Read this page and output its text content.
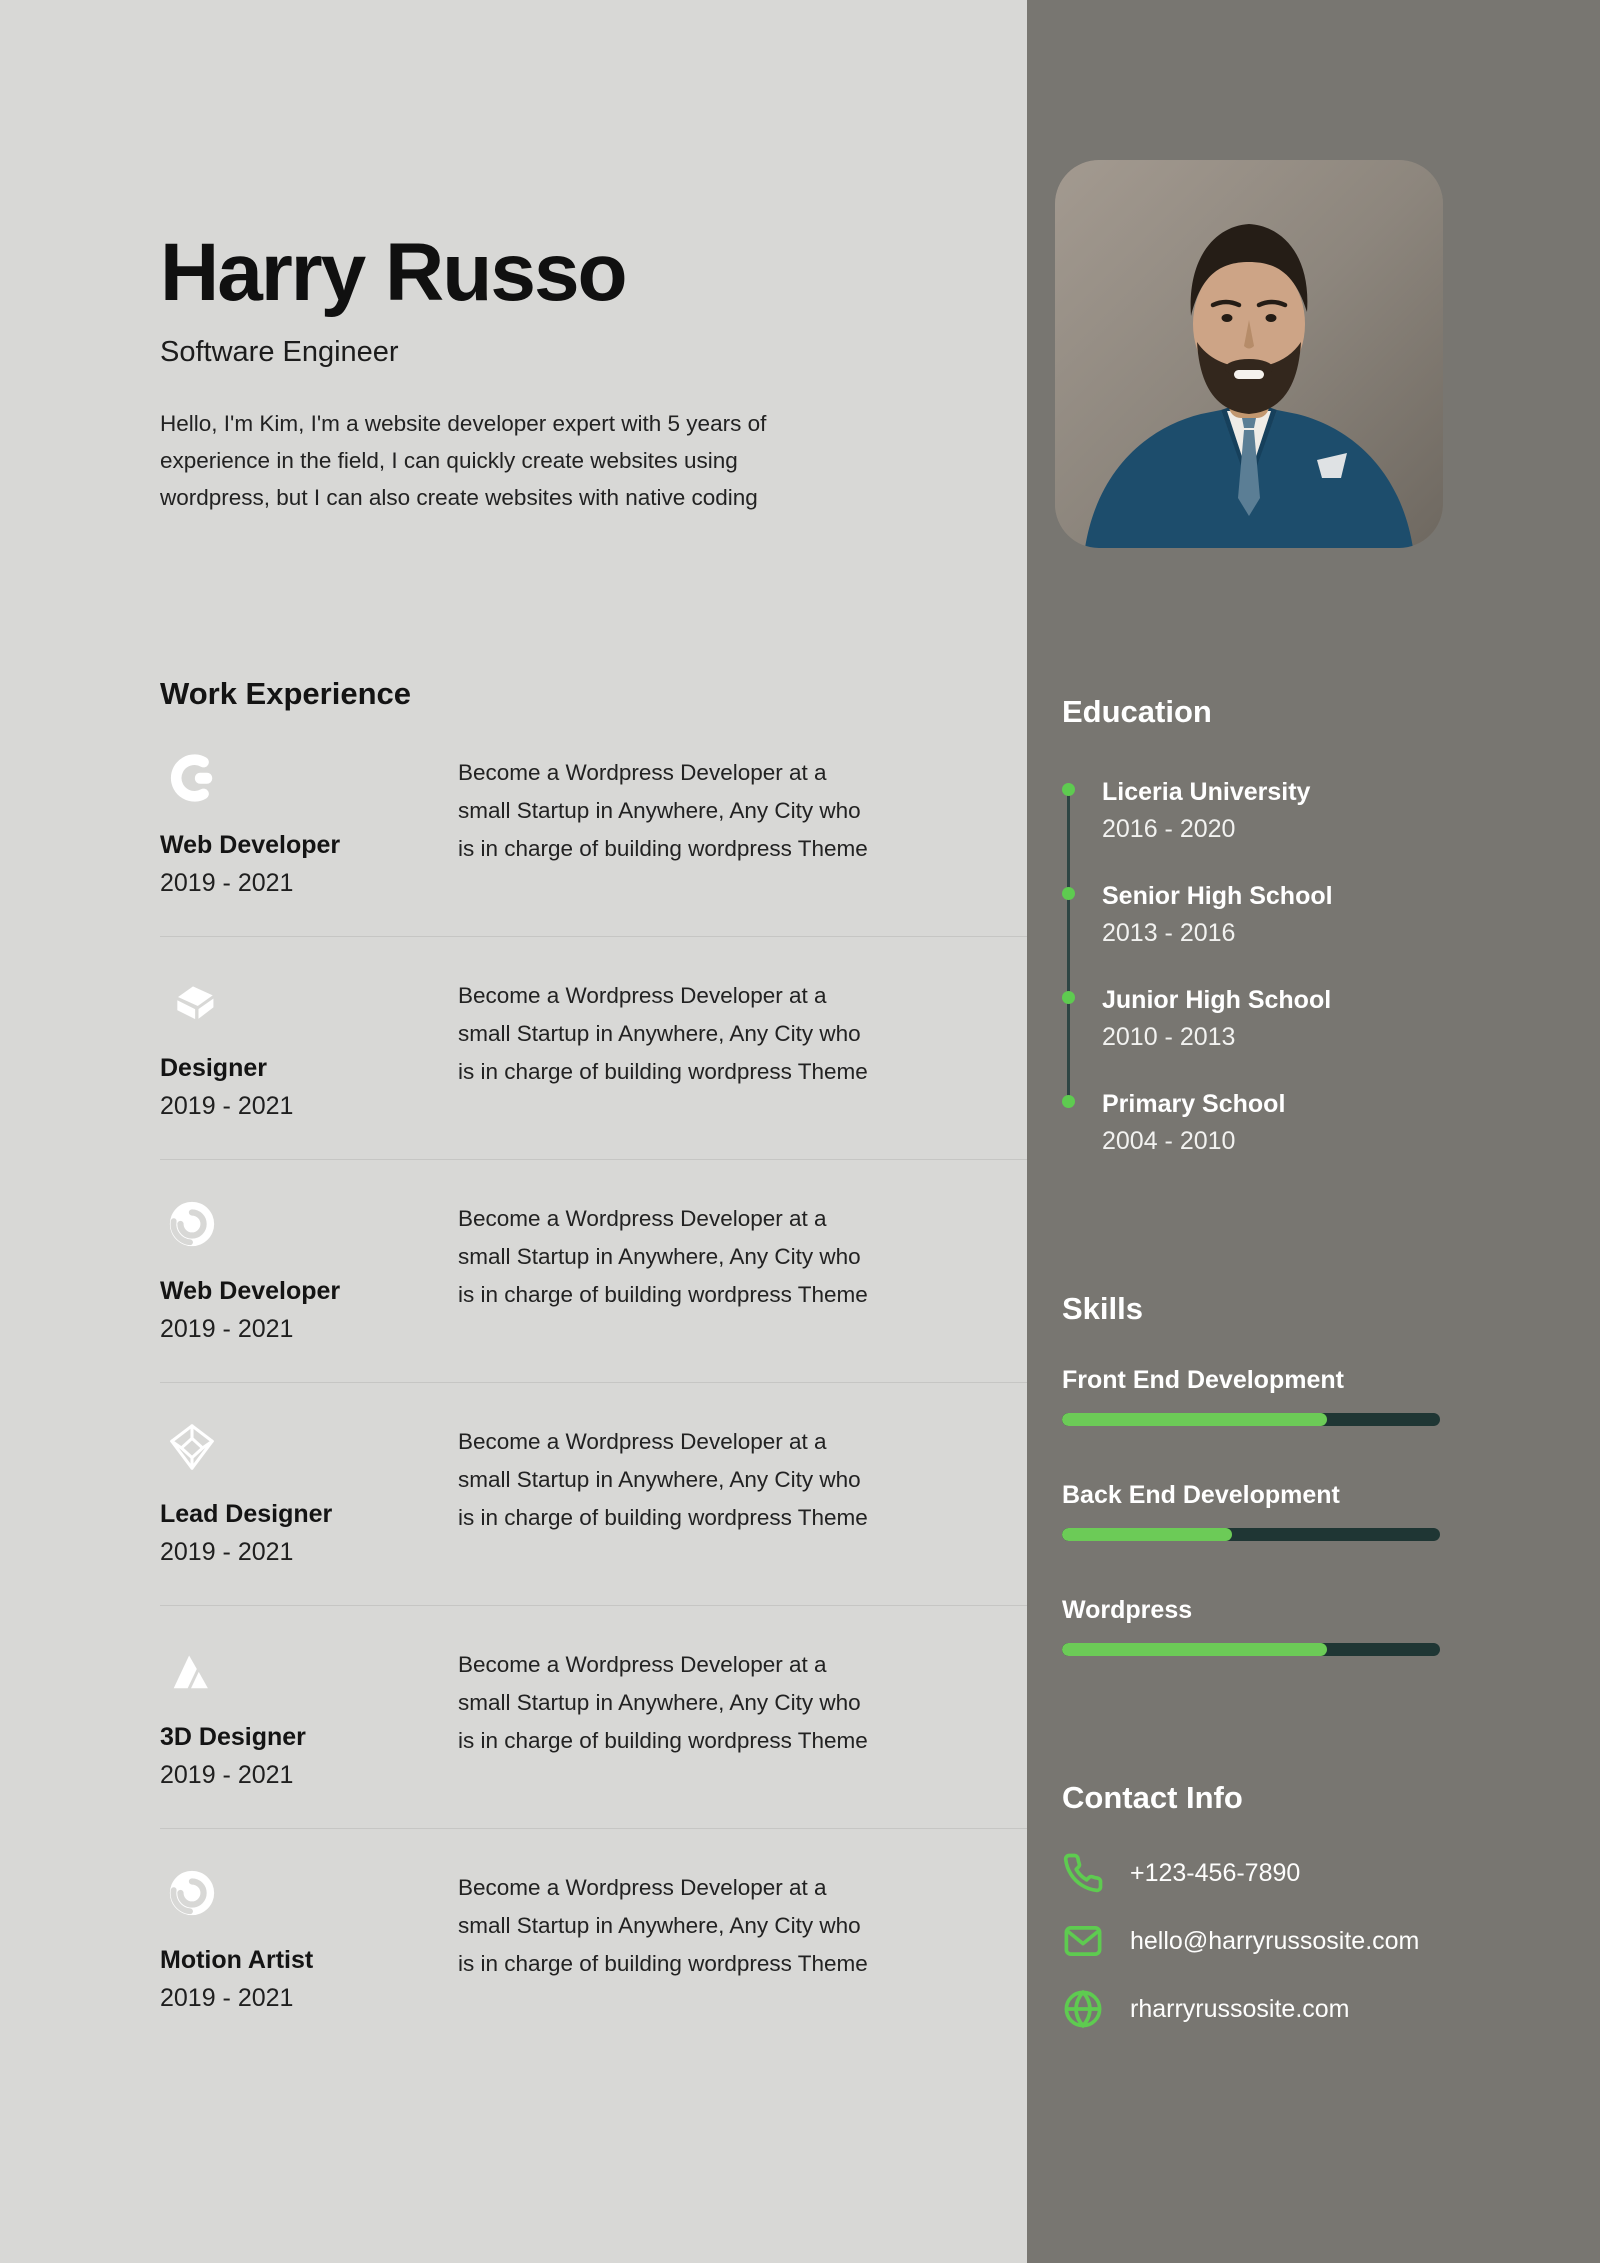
Harry Russo
Software Engineer
Hello, I'm Kim, I'm a website developer expert with 5 years of
experience in the field, I can quickly create websites using
wordpress, but I can also create websites with native coding
Work Experience
Web Developer
2019 - 2021
Become a Wordpress Developer at a
small Startup in Anywhere, Any City who
is in charge of building wordpress Theme
Designer
2019 - 2021
Become a Wordpress Developer at a
small Startup in Anywhere, Any City who
is in charge of building wordpress Theme
Web Developer
2019 - 2021
Become a Wordpress Developer at a
small Startup in Anywhere, Any City who
is in charge of building wordpress Theme
Lead Designer
2019 - 2021
Become a Wordpress Developer at a
small Startup in Anywhere, Any City who
is in charge of building wordpress Theme
3D Designer
2019 - 2021
Become a Wordpress Developer at a
small Startup in Anywhere, Any City who
is in charge of building wordpress Theme
Motion Artist
2019 - 2021
Become a Wordpress Developer at a
small Startup in Anywhere, Any City who
is in charge of building wordpress Theme
Education
Liceria University
2016 - 2020
Senior High School
2013 - 2016
Junior High School
2010 - 2013
Primary School
2004 - 2010
Skills
Front End Development
Back End Development
Wordpress
Contact Info
+123-456-7890
hello@harryrussosite.com
rharryrussosite.com
